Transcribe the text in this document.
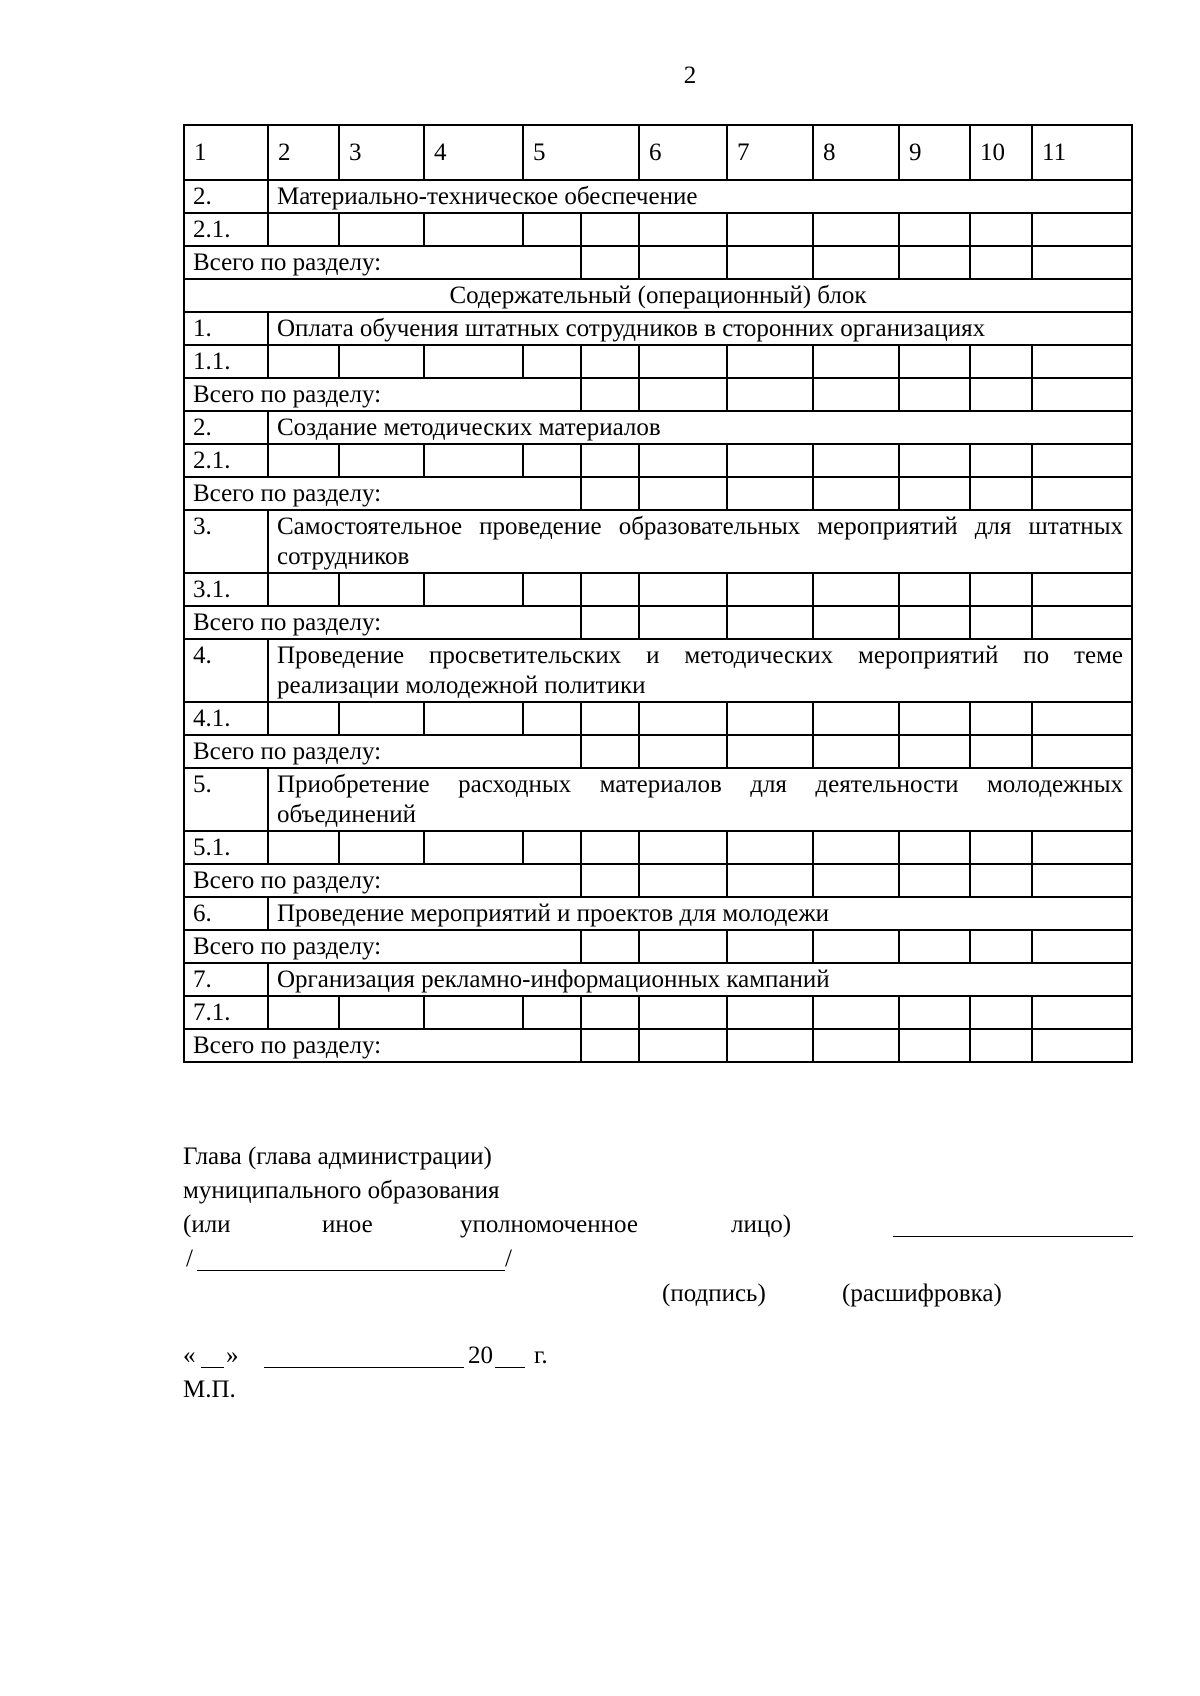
2
1	2	3	4	5		6	7	8	9	10	11
2.	Материально-техническое обеспечение										
2.1.											
Всего по разделу:											
Содержательный (операционный) блок											
1.	Оплата обучения штатных сотрудников в сторонних организациях										
1.1.											
Всего по разделу:											
2.	Создание методических материалов										
2.1.											
Всего по разделу:											
3.	Самостоятельное проведение образовательных мероприятий для штатных сотрудников										
3.1.											
Всего по разделу:											
4.	Проведение просветительских и методических мероприятий по теме реализации молодежной политики										
4.1.											
Всего по разделу:											
5.	Приобретение расходных материалов для деятельности молодежных объединений										
5.1.											
Всего по разделу:											
6.	Проведение мероприятий и проектов для молодежи										
Всего по разделу:											
7.	Организация рекламно-информационных кампаний										
7.1.											
Всего по разделу:											
Глава (глава администрации)
муниципального образования
(или	иное	уполномоченное	лицо)
/	/
(подпись)	(расшифровка)
« »	20 г.
М.П.
